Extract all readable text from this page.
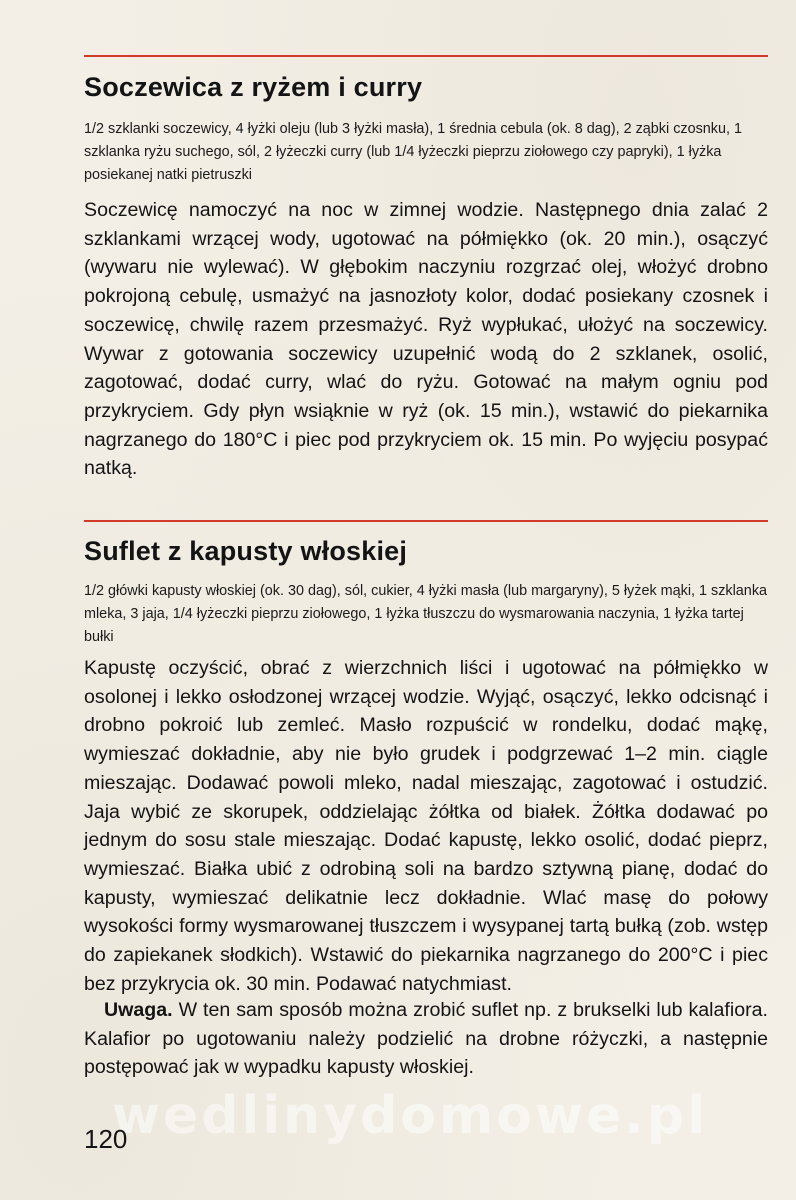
Soczewica z ryżem i curry

1/2 szklanki soczewicy, 4 łyżki oleju (lub 3 łyżki masła), 1 średnia cebula (ok. 8 dag), 2 ząbki czosnku, 1 szklanka ryżu suchego, sól, 2 łyżeczki curry (lub 1/4 łyżeczki pieprzu ziołowego czy papryki), 1 łyżka posiekanej natki pietruszki

Soczewicę namoczyć na noc w zimnej wodzie. Następnego dnia zalać 2 szklankami wrzącej wody, ugotować na półmiękko (ok. 20 min.), osączyć (wywaru nie wylewać). W głębokim naczyniu rozgrzać olej, włożyć drobno pokrojoną cebulę, usmażyć na jasnozłoty kolor, dodać posiekany czosnek i soczewicę, chwilę razem przesmażyć. Ryż wypłukać, ułożyć na soczewicy. Wywar z gotowania soczewicy uzupełnić wodą do 2 szklanek, osolić, zagotować, dodać curry, wlać do ryżu. Gotować na małym ogniu pod przykryciem. Gdy płyn wsiąknie w ryż (ok. 15 min.), wstawić do piekarnika nagrzanego do 180°C i piec pod przykryciem ok. 15 min. Po wyjęciu posypać natką.

Suflet z kapusty włoskiej

1/2 główki kapusty włoskiej (ok. 30 dag), sól, cukier, 4 łyżki masła (lub margaryny), 5 łyżek mąki, 1 szklanka mleka, 3 jaja, 1/4 łyżeczki pieprzu ziołowego, 1 łyżka tłuszczu do wysmarowania naczynia, 1 łyżka tartej bułki

Kapustę oczyścić, obrać z wierzchnich liści i ugotować na półmiękko w osolonej i lekko osłodzonej wrzącej wodzie. Wyjąć, osączyć, lekko odcisnąć i drobno pokroić lub zemleć. Masło rozpuścić w rondelku, dodać mąkę, wymieszać dokładnie, aby nie było grudek i podgrzewać 1–2 min. ciągle mieszając. Dodawać powoli mleko, nadal mieszając, zagotować i ostudzić. Jaja wybić ze skorupek, oddzielając żółtka od białek. Żółtka dodawać po jednym do sosu stale mieszając. Dodać kapustę, lekko osolić, dodać pieprz, wymieszać. Białka ubić z odrobiną soli na bardzo sztywną pianę, dodać do kapusty, wymieszać delikatnie lecz dokładnie. Wlać masę do połowy wysokości formy wysmarowanej tłuszczem i wysypanej tartą bułką (zob. wstęp do zapiekanek słodkich). Wstawić do piekarnika nagrzanego do 200°C i piec bez przykrycia ok. 30 min. Podawać natychmiast.

Uwaga. W ten sam sposób można zrobić suflet np. z brukselki lub kalafiora. Kalafior po ugotowaniu należy podzielić na drobne różyczki, a następnie postępować jak w wypadku kapusty włoskiej.

wedlinydomowe.pl
120
